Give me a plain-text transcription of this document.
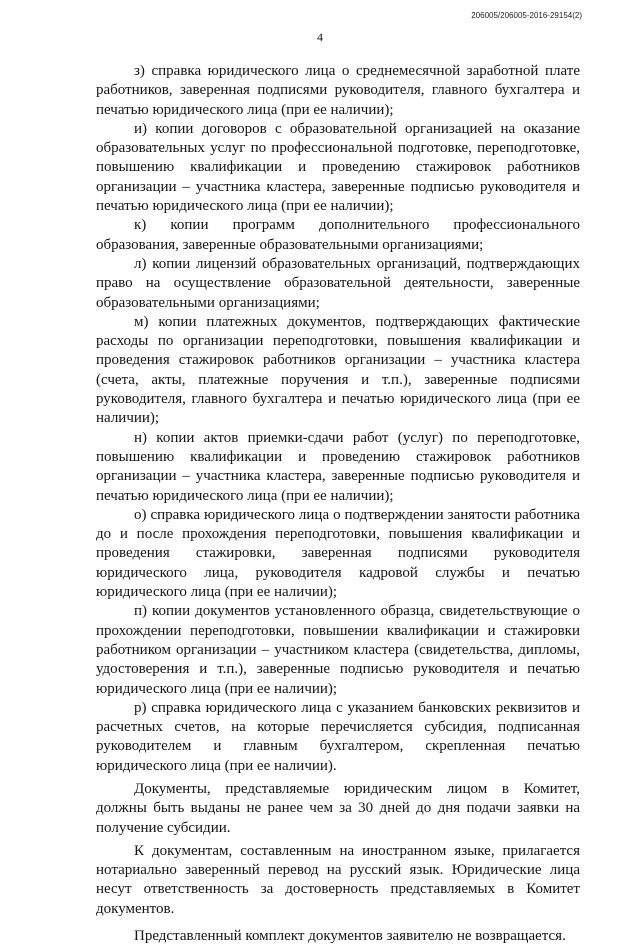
206005/206005-2016-29154(2)
4

з) справка юридического лица о среднемесячной заработной плате работников, заверенная подписями руководителя, главного бухгалтера и печатью юридического лица (при ее наличии);

и) копии договоров с образовательной организацией на оказание образовательных услуг по профессиональной подготовке, переподготовке, повышению квалификации и проведению стажировок работников организации – участника кластера, заверенные подписью руководителя и печатью юридического лица (при ее наличии);

к) копии программ дополнительного профессионального образования, заверенные образовательными организациями;

л) копии лицензий образовательных организаций, подтверждающих право на осуществление образовательной деятельности, заверенные образовательными организациями;

м) копии платежных документов, подтверждающих фактические расходы по организации переподготовки, повышения квалификации и проведения стажировок работников организации – участника кластера (счета, акты, платежные поручения и т.п.), заверенные подписями руководителя, главного бухгалтера и печатью юридического лица (при ее наличии);

н) копии актов приемки-сдачи работ (услуг) по переподготовке, повышению квалификации и проведению стажировок работников организации – участника кластера, заверенные подписью руководителя и печатью юридического лица (при ее наличии);

о) справка юридического лица о подтверждении занятости работника до и после прохождения переподготовки, повышения квалификации и проведения стажировки, заверенная подписями руководителя юридического лица, руководителя кадровой службы и печатью юридического лица (при ее наличии);

п) копии документов установленного образца, свидетельствующие о прохождении переподготовки, повышении квалификации и стажировки работником организации – участником кластера (свидетельства, дипломы, удостоверения и т.п.), заверенные подписью руководителя и печатью юридического лица (при ее наличии);

р) справка юридического лица с указанием банковских реквизитов и расчетных счетов, на которые перечисляется субсидия, подписанная руководителем и главным бухгалтером, скрепленная печатью юридического лица (при ее наличии).

Документы, представляемые юридическим лицом в Комитет, должны быть выданы не ранее чем за 30 дней до дня подачи заявки на получение субсидии.

К документам, составленным на иностранном языке, прилагается нотариально заверенный перевод на русский язык. Юридические лица несут ответственность за достоверность представляемых в Комитет документов.

Представленный комплект документов заявителю не возвращается.
